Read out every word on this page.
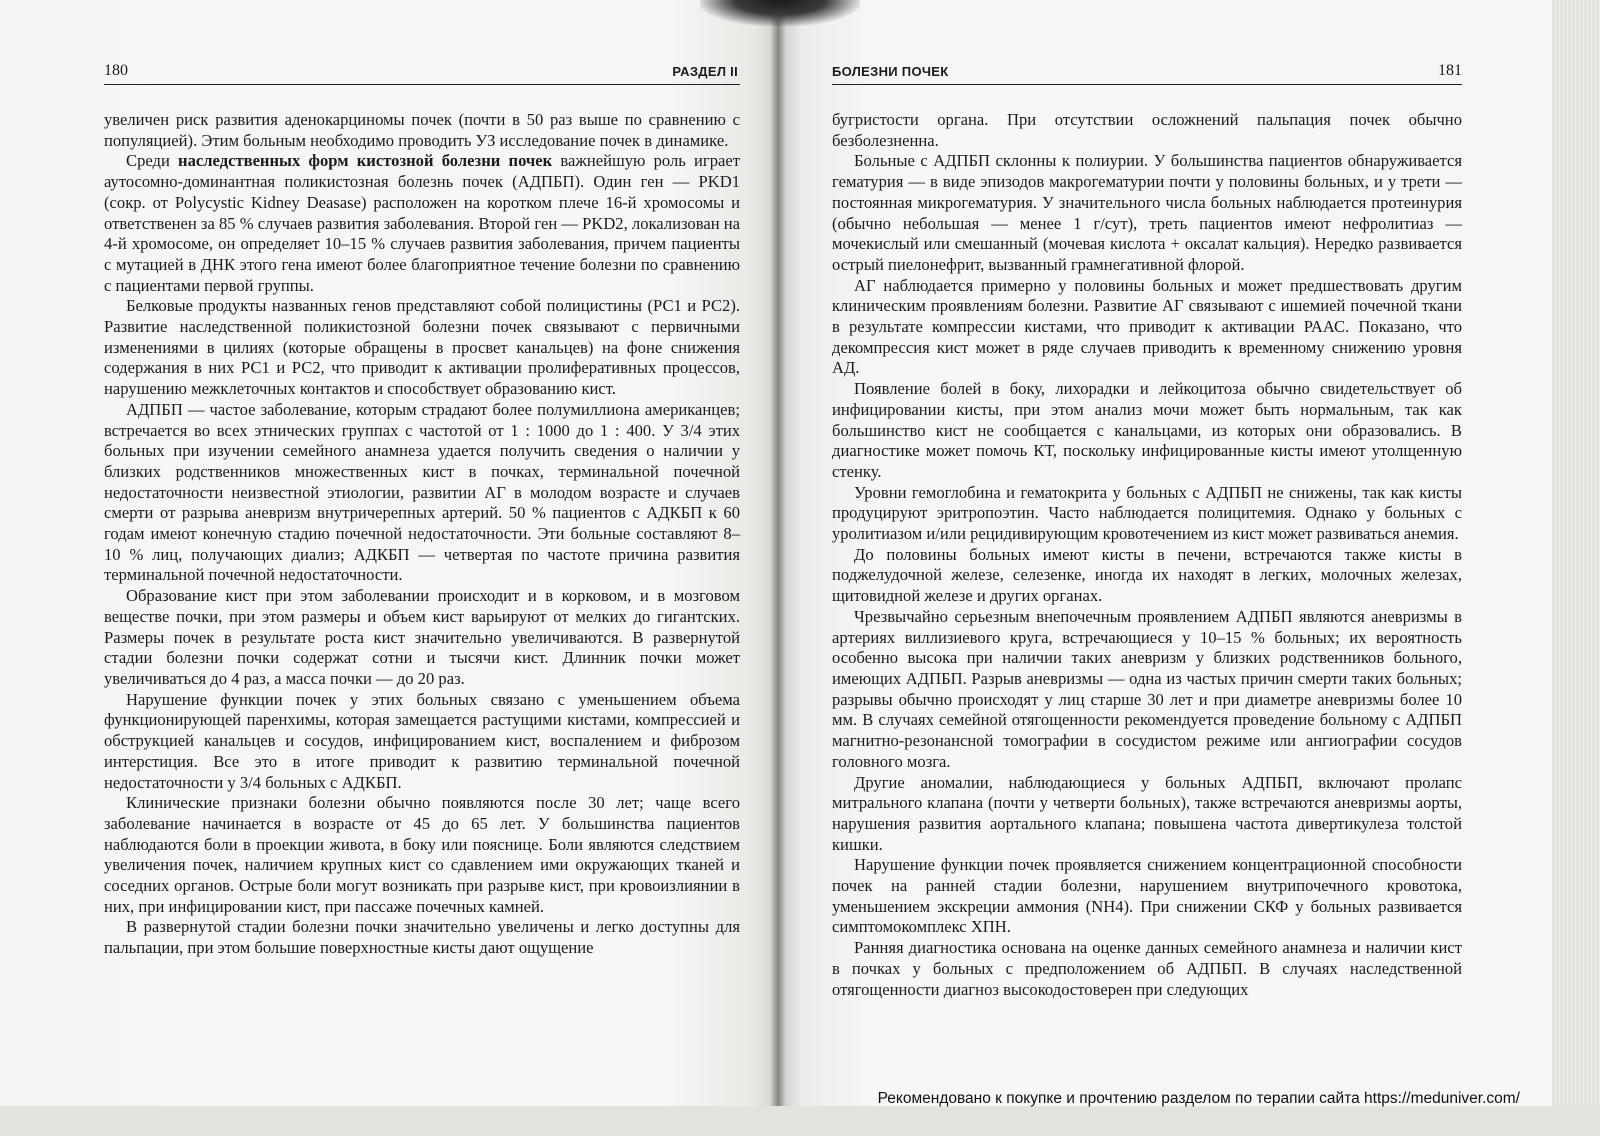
180	РАЗДЕЛ II	БОЛЕЗНИ ПОЧЕК	181

увеличен риск развития аденокарциномы почек (почти в 50 раз выше по сравнению с популяцией). Этим больным необходимо проводить УЗ исследование почек в динамике.

Среди наследственных форм кистозной болезни почек важнейшую роль играет аутосомно-доминантная поликистозная болезнь почек (АДПБП). Один ген — PKD1 (сокр. от Polycystic Kidney Deasase) расположен на коротком плече 16-й хромосомы и ответственен за 85 % случаев развития заболевания. Второй ген — PKD2, локализован на 4-й хромосоме, он определяет 10–15 % случаев развития заболевания, причем пациенты с мутацией в ДНК этого гена имеют более благоприятное течение болезни по сравнению с пациентами первой группы.

Белковые продукты названных генов представляют собой полицистины (РС1 и РС2). Развитие наследственной поликистозной болезни почек связывают с первичными изменениями в цилиях (которые обращены в просвет канальцев) на фоне снижения содержания в них РС1 и РС2, что приводит к активации пролиферативных процессов, нарушению межклеточных контактов и способствует образованию кист.

АДПБП — частое заболевание, которым страдают более полумиллиона американцев; встречается во всех этнических группах с частотой от 1 : 1000 до 1 : 400. У 3/4 этих больных при изучении семейного анамнеза удается получить сведения о наличии у близких родственников множественных кист в почках, терминальной почечной недостаточности неизвестной этиологии, развитии АГ в молодом возрасте и случаев смерти от разрыва аневризм внутричерепных артерий. 50 % пациентов с АДКБП к 60 годам имеют конечную стадию почечной недостаточности. Эти больные составляют 8–10 % лиц, получающих диализ; АДКБП — четвертая по частоте причина развития терминальной почечной недостаточности.

Образование кист при этом заболевании происходит и в корковом, и в мозговом веществе почки, при этом размеры и объем кист варьируют от мелких до гигантских. Размеры почек в результате роста кист значительно увеличиваются. В развернутой стадии болезни почки содержат сотни и тысячи кист. Длинник почки может увеличиваться до 4 раз, а масса почки — до 20 раз.

Нарушение функции почек у этих больных связано с уменьшением объема функционирующей паренхимы, которая замещается растущими кистами, компрессией и обструкцией канальцев и сосудов, инфицированием кист, воспалением и фиброзом интерстиция. Все это в итоге приводит к развитию терминальной почечной недостаточности у 3/4 больных с АДКБП.

Клинические признаки болезни обычно появляются после 30 лет; чаще всего заболевание начинается в возрасте от 45 до 65 лет. У большинства пациентов наблюдаются боли в проекции живота, в боку или пояснице. Боли являются следствием увеличения почек, наличием крупных кист со сдавлением ими окружающих тканей и соседних органов. Острые боли могут возникать при разрыве кист, при кровоизлиянии в них, при инфицировании кист, при пассаже почечных камней.

В развернутой стадии болезни почки значительно увеличены и легко доступны для пальпации, при этом большие поверхностные кисты дают ощущение

бугристости органа. При отсутствии осложнений пальпация почек обычно безболезненна.

Больные с АДПБП склонны к полиурии. У большинства пациентов обнаруживается гематурия — в виде эпизодов макрогематурии почти у половины больных, и у трети — постоянная микрогематурия. У значительного числа больных наблюдается протеинурия (обычно небольшая — менее 1 г/сут), треть пациентов имеют нефролитиаз — мочекислый или смешанный (мочевая кислота + оксалат кальция). Нередко развивается острый пиелонефрит, вызванный грамнегативной флорой.

АГ наблюдается примерно у половины больных и может предшествовать другим клиническим проявлениям болезни. Развитие АГ связывают с ишемией почечной ткани в результате компрессии кистами, что приводит к активации РААС. Показано, что декомпрессия кист может в ряде случаев приводить к временному снижению уровня АД.

Появление болей в боку, лихорадки и лейкоцитоза обычно свидетельствует об инфицировании кисты, при этом анализ мочи может быть нормальным, так как большинство кист не сообщается с канальцами, из которых они образовались. В диагностике может помочь КТ, поскольку инфицированные кисты имеют утолщенную стенку.

Уровни гемоглобина и гематокрита у больных с АДПБП не снижены, так как кисты продуцируют эритропоэтин. Часто наблюдается полицитемия. Однако у больных с уролитиазом и/или рецидивирующим кровотечением из кист может развиваться анемия.

До половины больных имеют кисты в печени, встречаются также кисты в поджелудочной железе, селезенке, иногда их находят в легких, молочных железах, щитовидной железе и других органах.

Чрезвычайно серьезным внепочечным проявлением АДПБП являются аневризмы в артериях виллизиевого круга, встречающиеся у 10–15 % больных; их вероятность особенно высока при наличии таких аневризм у близких родственников больного, имеющих АДПБП. Разрыв аневризмы — одна из частых причин смерти таких больных; разрывы обычно происходят у лиц старше 30 лет и при диаметре аневризмы более 10 мм. В случаях семейной отягощенности рекомендуется проведение больному с АДПБП магнитно-резонансной томографии в сосудистом режиме или ангиографии сосудов головного мозга.

Другие аномалии, наблюдающиеся у больных АДПБП, включают пролапс митрального клапана (почти у четверти больных), также встречаются аневризмы аорты, нарушения развития аортального клапана; повышена частота дивертикулеза толстой кишки.

Нарушение функции почек проявляется снижением концентрационной способности почек на ранней стадии болезни, нарушением внутрипочечного кровотока, уменьшением экскреции аммония (NH4). При снижении СКФ у больных развивается симптомокомплекс ХПН.

Ранняя диагностика основана на оценке данных семейного анамнеза и наличии кист в почках у больных с предположением об АДПБП. В случаях наследственной отягощенности диагноз высокодостоверен при следующих

Рекомендовано к покупке и прочтению разделом по терапии сайта https://meduniver.com/
